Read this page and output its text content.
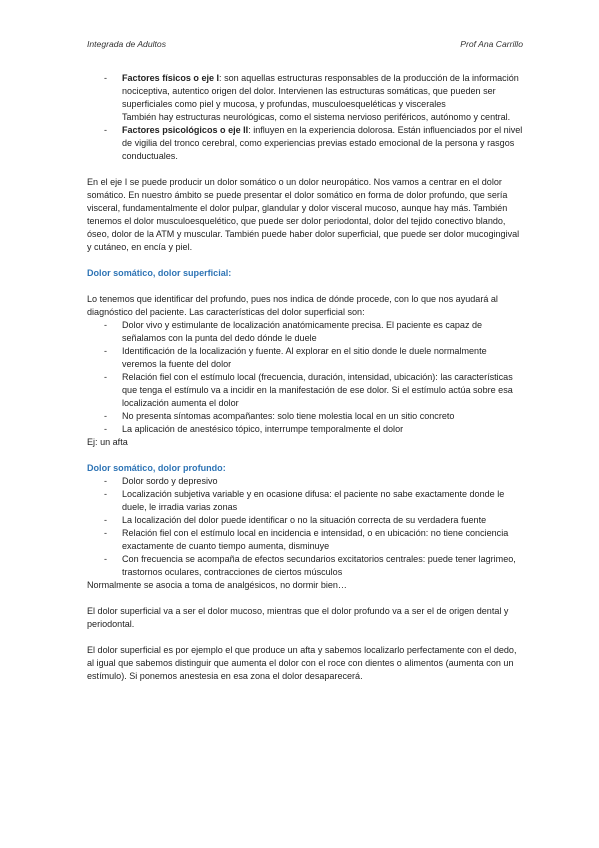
Integrada de Adultos	Prof Ana Carrillo
- Factores físicos o eje I: son aquellas estructuras responsables de la producción de la información nociceptiva, autentico origen del dolor. Intervienen las estructuras somáticas, que pueden ser superficiales como piel y mucosa, y profundas, musculoesqueléticas y viscerales

También hay estructuras neurológicas, como el sistema nervioso periféricos, autónomo y central.

- Factores psicológicos o eje II: influyen en la experiencia dolorosa. Están influenciados por el nivel de vigilia del tronco cerebral, como experiencias previas estado emocional de la persona y rasgos conductuales.

En el eje I se puede producir un dolor somático o un dolor neuropático. Nos vamos a centrar en el dolor somático. En nuestro ámbito se puede presentar el dolor somático en forma de dolor profundo, que sería visceral, fundamentalmente el dolor pulpar, glandular y dolor visceral mucoso, aunque hay más. También tenemos el dolor musculoesquelético, que puede ser dolor periodontal, dolor del tejido conectivo blando, óseo, dolor de la ATM y muscular. También puede haber dolor superficial, que puede ser dolor mucogingival y cutáneo, en encía y piel.

Dolor somático, dolor superficial:

Lo tenemos que identificar del profundo, pues nos indica de dónde procede, con lo que nos ayudará al diagnóstico del paciente. Las características del dolor superficial son:

- Dolor vivo y estimulante de localización anatómicamente precisa. El paciente es capaz de señalamos con la punta del dedo dónde le duele
- Identificación de la localización y fuente. Al explorar en el sitio donde le duele normalmente veremos la fuente del dolor
- Relación fiel con el estímulo local (frecuencia, duración, intensidad, ubicación): las características que tenga el estímulo va a incidir en la manifestación de ese dolor. Si el estímulo actúa sobre esa localización aumenta el dolor
- No presenta síntomas acompañantes: solo tiene molestia local en un sitio concreto
- La aplicación de anestésico tópico, interrumpe temporalmente el dolor

Ej: un afta

Dolor somático, dolor profundo:

- Dolor sordo y depresivo
- Localización subjetiva variable y en ocasione difusa: el paciente no sabe exactamente donde le duele, le irradia varias zonas
- La localización del dolor puede identificar o no la situación correcta de su verdadera fuente
- Relación fiel con el estímulo local en incidencia e intensidad, o en ubicación: no tiene conciencia exactamente de cuanto tiempo aumenta, disminuye
- Con frecuencia se acompaña de efectos secundarios excitatorios centrales: puede tener lagrimeo, trastornos oculares, contracciones de ciertos músculos

Normalmente se asocia a toma de analgésicos, no dormir bien…

El dolor superficial va a ser el dolor mucoso, mientras que el dolor profundo va a ser el de origen dental y periodontal.

El dolor superficial es por ejemplo el que produce un afta y sabemos localizarlo perfectamente con el dedo, al igual que sabemos distinguir que aumenta el dolor con el roce con dientes o alimentos (aumenta con un estímulo). Si ponemos anestesia en esa zona el dolor desaparecerá.
